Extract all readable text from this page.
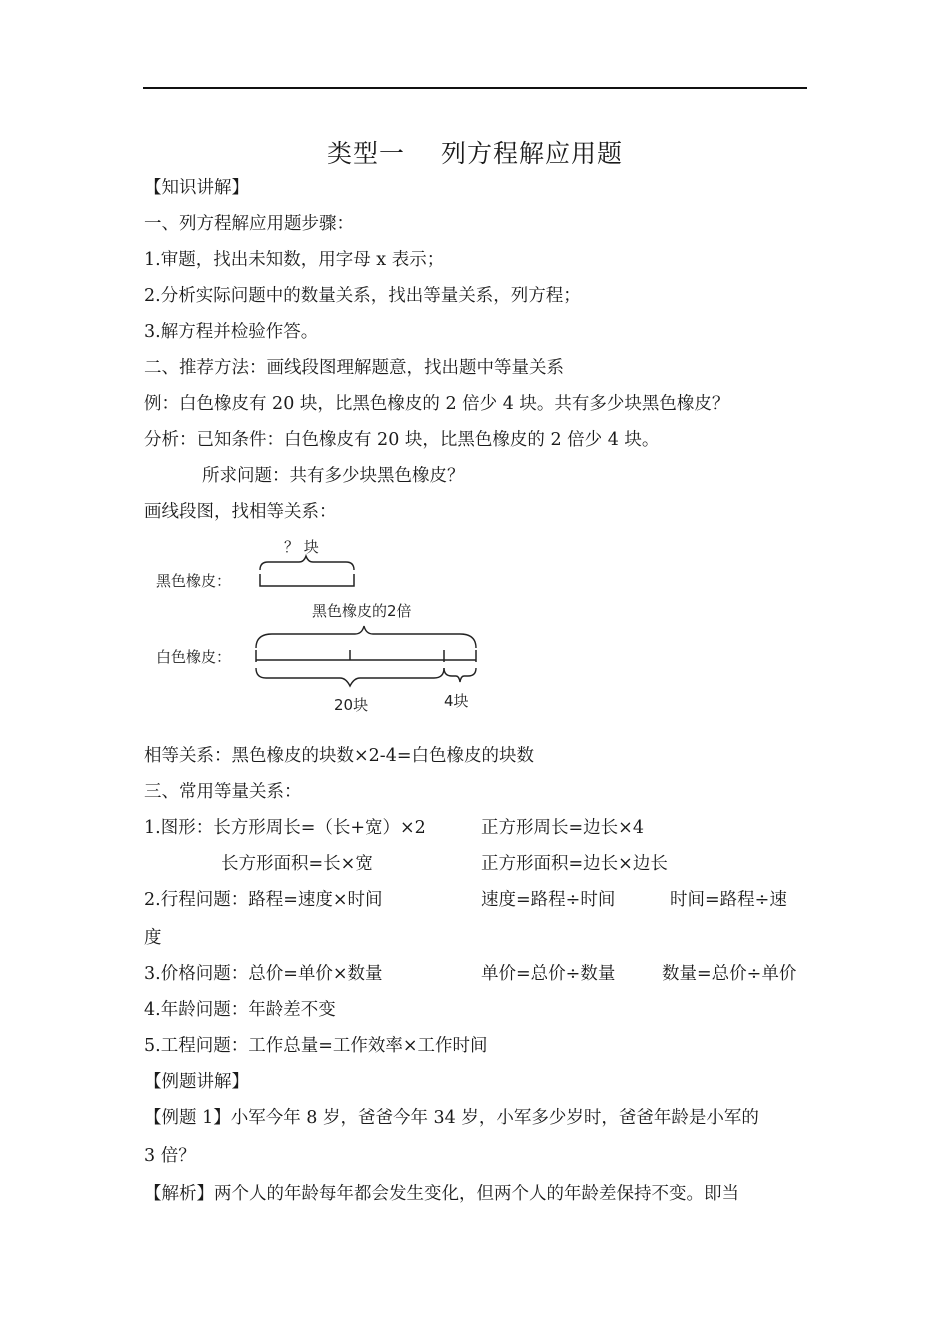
类型一 列方程解应用题
【知识讲解】
一、列方程解应用题步骤：
1.审题，找出未知数，用字母 x 表示；
2.分析实际问题中的数量关系，找出等量关系，列方程；
3.解方程并检验作答。
二、推荐方法：画线段图理解题意，找出题中等量关系
例：白色橡皮有 20 块，比黑色橡皮的 2 倍少 4 块。共有多少块黑色橡皮？
分析：已知条件：白色橡皮有 20 块，比黑色橡皮的 2 倍少 4 块。
所求问题：共有多少块黑色橡皮？
画线段图，找相等关系：
？ 块
黑色橡皮：
黑色橡皮的2倍
白色橡皮：
20块	4块
相等关系：黑色橡皮的块数×2-4=白色橡皮的块数
三、常用等量关系：
1.图形：长方形周长=（长+宽）×2	正方形周长=边长×4
长方形面积=长×宽	正方形面积=边长×边长
2.行程问题：路程=速度×时间	速度=路程÷时间	时间=路程÷速
度
3.价格问题：总价=单价×数量	单价=总价÷数量	数量=总价÷单价
4.年龄问题：年龄差不变
5.工程问题：工作总量=工作效率×工作时间
【例题讲解】
【例题 1】小军今年 8 岁，爸爸今年 34 岁，小军多少岁时，爸爸年龄是小军的
3 倍？
【解析】两个人的年龄每年都会发生变化，但两个人的年龄差保持不变。即当
